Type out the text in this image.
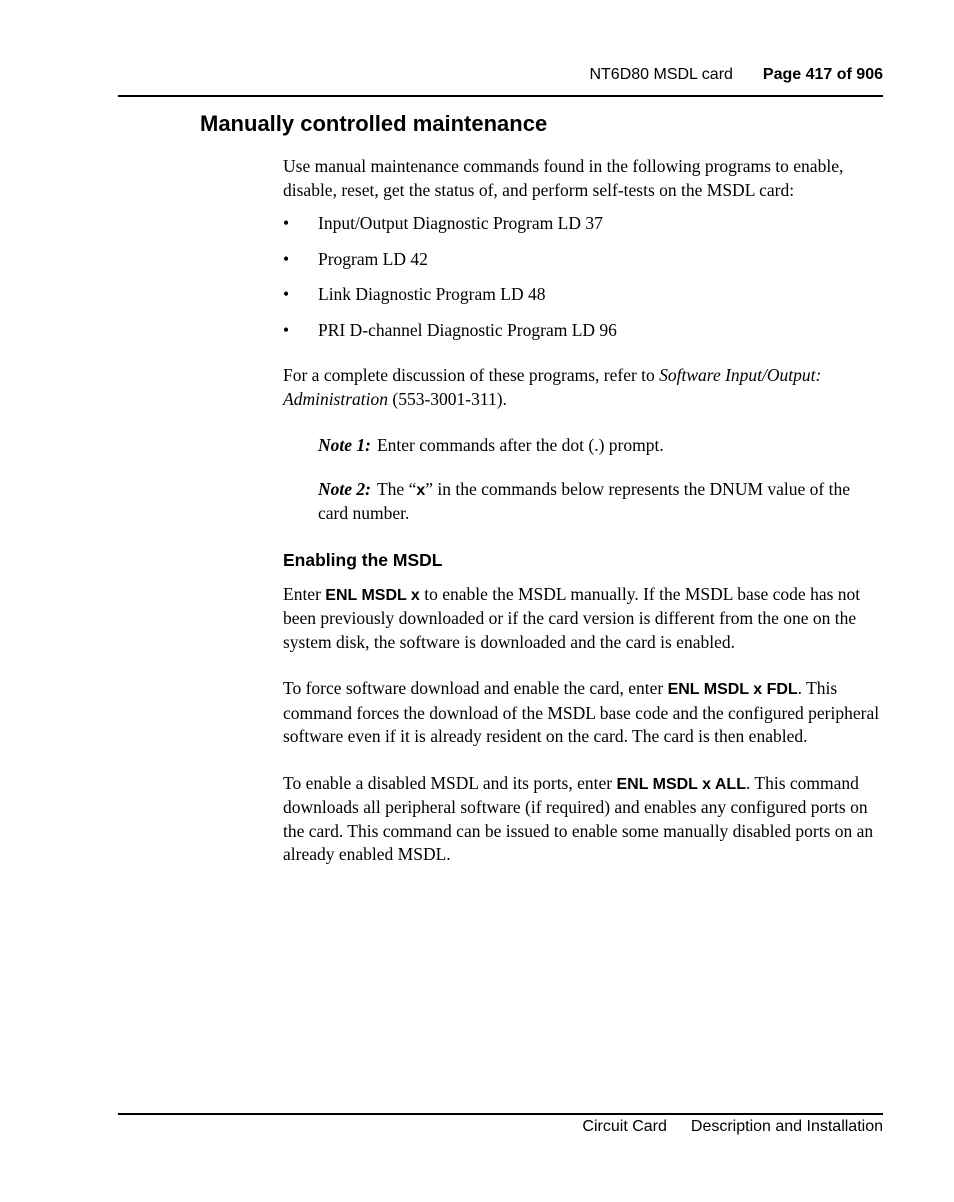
NT6D80 MSDL card Page 417 of 906
Manually controlled maintenance

Use manual maintenance commands found in the following programs to enable, disable, reset, get the status of, and perform self-tests on the MSDL card:

• Input/Output Diagnostic Program LD 37
• Program LD 42
• Link Diagnostic Program LD 48
• PRI D-channel Diagnostic Program LD 96

For a complete discussion of these programs, refer to Software Input/Output: Administration (553-3001-311).

Note 1: Enter commands after the dot (.) prompt.

Note 2: The “x” in the commands below represents the DNUM value of the card number.

Enabling the MSDL

Enter ENL MSDL x to enable the MSDL manually. If the MSDL base code has not been previously downloaded or if the card version is different from the one on the system disk, the software is downloaded and the card is enabled.

To force software download and enable the card, enter ENL MSDL x FDL. This command forces the download of the MSDL base code and the configured peripheral software even if it is already resident on the card. The card is then enabled.

To enable a disabled MSDL and its ports, enter ENL MSDL x ALL. This command downloads all peripheral software (if required) and enables any configured ports on the card. This command can be issued to enable some manually disabled ports on an already enabled MSDL.

Circuit Card Description and Installation
